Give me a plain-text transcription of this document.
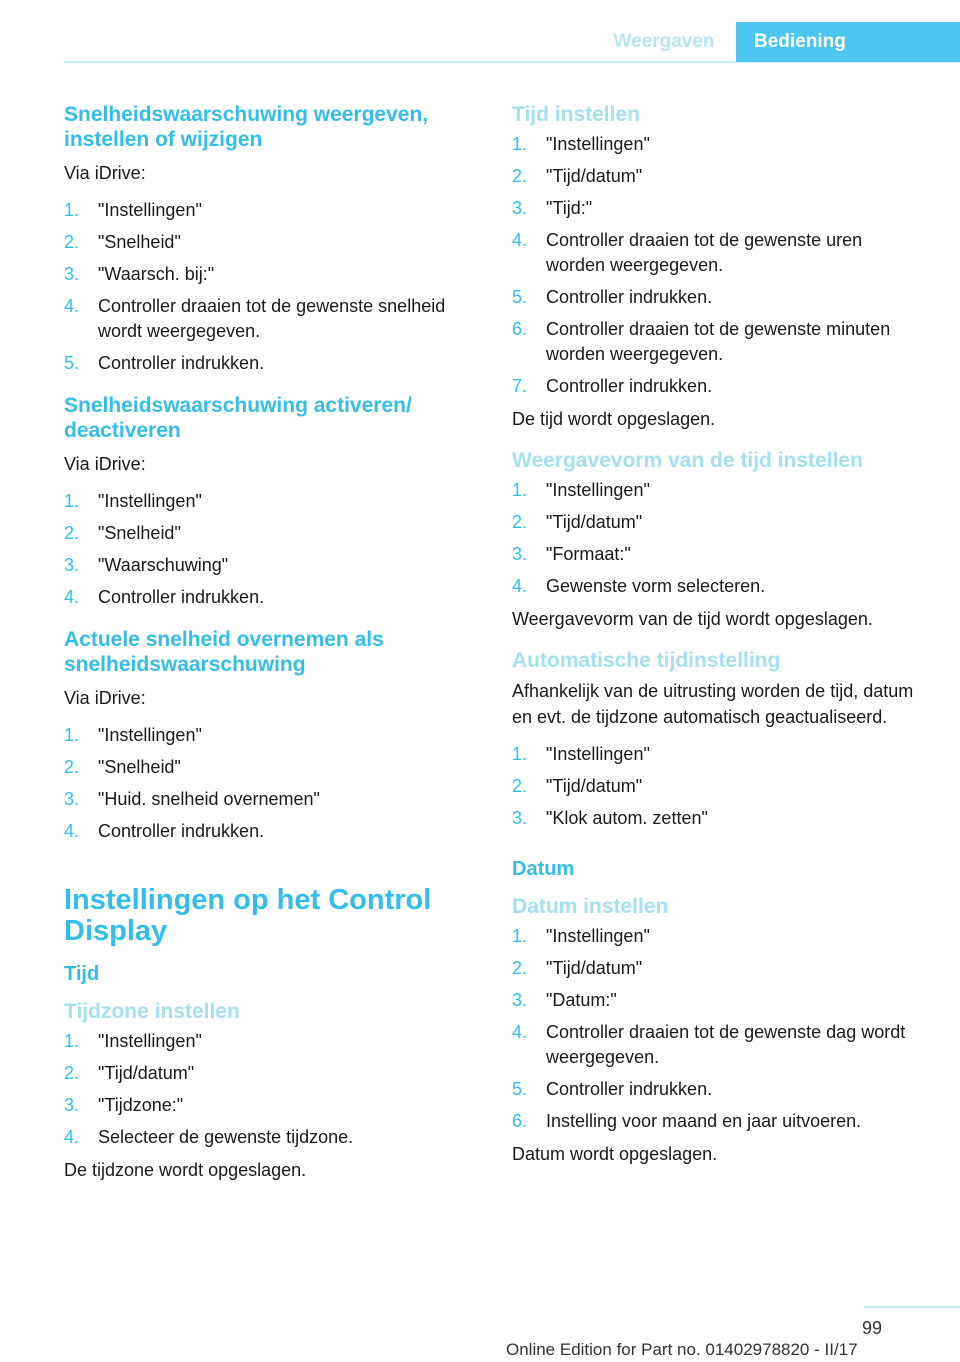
Weergaven	Bediening
Snelheidswaarschuwing weergeven, instellen of wijzigen
Via iDrive:
1. "Instellingen"
2. "Snelheid"
3. "Waarsch. bij:"
4. Controller draaien tot de gewenste snelheid wordt weergegeven.
5. Controller indrukken.
Snelheidswaarschuwing activeren/ deactiveren
Via iDrive:
1. "Instellingen"
2. "Snelheid"
3. "Waarschuwing"
4. Controller indrukken.
Actuele snelheid overnemen als snelheidswaarschuwing
Via iDrive:
1. "Instellingen"
2. "Snelheid"
3. "Huid. snelheid overnemen"
4. Controller indrukken.
Instellingen op het Control Display
Tijd
Tijdzone instellen
1. "Instellingen"
2. "Tijd/datum"
3. "Tijdzone:"
4. Selecteer de gewenste tijdzone.
De tijdzone wordt opgeslagen.
Tijd instellen
1. "Instellingen"
2. "Tijd/datum"
3. "Tijd:"
4. Controller draaien tot de gewenste uren worden weergegeven.
5. Controller indrukken.
6. Controller draaien tot de gewenste minuten worden weergegeven.
7. Controller indrukken.
De tijd wordt opgeslagen.
Weergavevorm van de tijd instellen
1. "Instellingen"
2. "Tijd/datum"
3. "Formaat:"
4. Gewenste vorm selecteren.
Weergavevorm van de tijd wordt opgeslagen.
Automatische tijdinstelling
Afhankelijk van de uitrusting worden de tijd, datum en evt. de tijdzone automatisch geactualiseerd.
1. "Instellingen"
2. "Tijd/datum"
3. "Klok autom. zetten"
Datum
Datum instellen
1. "Instellingen"
2. "Tijd/datum"
3. "Datum:"
4. Controller draaien tot de gewenste dag wordt weergegeven.
5. Controller indrukken.
6. Instelling voor maand en jaar uitvoeren.
Datum wordt opgeslagen.
99
Online Edition for Part no. 01402978820 - II/17
